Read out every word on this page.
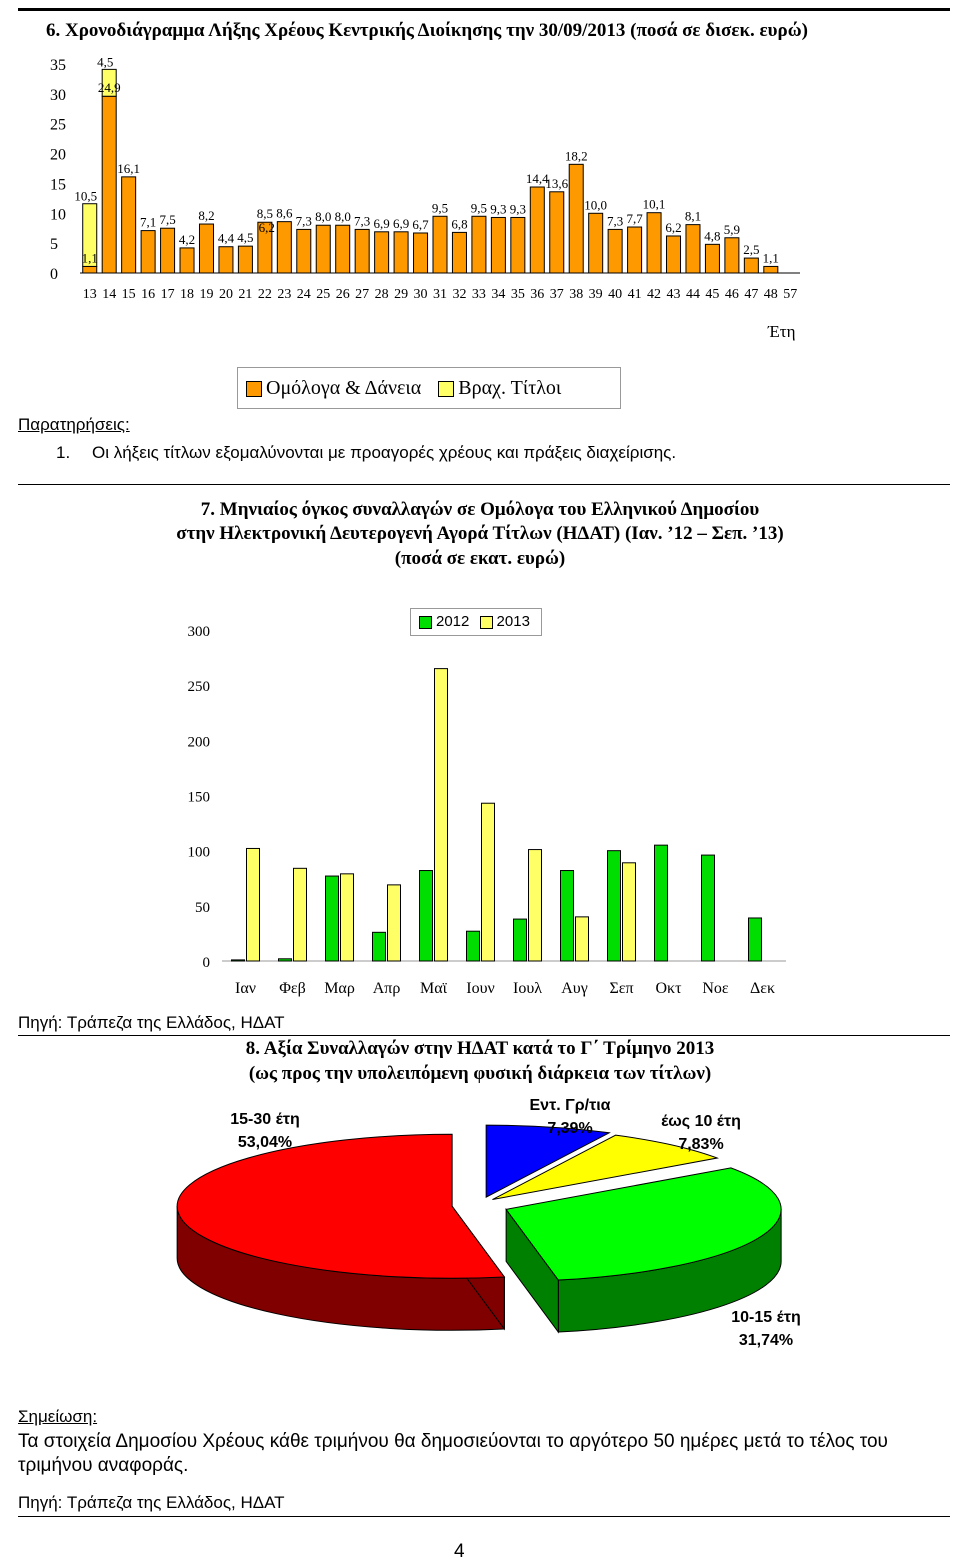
6. Χρονοδιάγραμμα Λήξης Χρέους Κεντρικής Διοίκησης την 30/09/2013 (ποσά σε δισεκ. ευρώ)
0
5
10
15
20
25
30
35
13
1,1
10,5
14
24,9
4,5
15
16,1
16
7,1
17
7,5
18
4,2
19
8,2
20
4,4
21
4,5
22
8,5
23
8,6
24
7,3
25
8,0
26
8,0
27
7,3
28
6,9
29
6,9
30
6,7
31
9,5
32
6,8
33
9,5
34
9,3
35
9,3
36
14,4
37
13,6
38
18,2
39
10,0
40
7,3
41
7,7
42
10,1
43
6,2
44
8,1
45
4,8
46
5,9
47
2,5
48
1,1
57
6,2
Έτη
Ομόλογα & Δάνεια Βραχ. Τίτλοι
Παρατηρήσεις:
1. Οι λήξεις τίτλων εξομαλύνονται με προαγορές χρέους και πράξεις διαχείρισης.
7. Μηνιαίος όγκος συναλλαγών σε Ομόλογα του Ελληνικού Δημοσίου
στην Ηλεκτρονική Δευτερογενή Αγορά Τίτλων (ΗΔΑΤ) (Ιαν. ’12 – Σεπ. ’13)
(ποσά σε εκατ. ευρώ)
0
50
100
150
200
250
300
Ιαν Φεβ Μαρ Απρ Μαϊ Ιουν Ιουλ Αυγ Σεπ Οκτ Νοε Δεκ
2012 2013
Πηγή: Τράπεζα της Ελλάδος, ΗΔΑΤ
8. Αξία Συναλλαγών στην ΗΔΑΤ κατά το Γ΄ Τρίμηνο 2013
(ως προς την υπολειπόμενη φυσική διάρκεια των τίτλων)
15-30 έτη
53,04%
Εντ. Γρ/τια
7,39%	έως 10 έτη
7,83%
10-15 έτη
31,74%
Σημείωση:
Τα στοιχεία Δημοσίου Χρέους κάθε τριμήνου θα δημοσιεύονται το αργότερο 50 ημέρες μετά το τέλος του τριμήνου αναφοράς.
Πηγή: Τράπεζα της Ελλάδος, ΗΔΑΤ
4
